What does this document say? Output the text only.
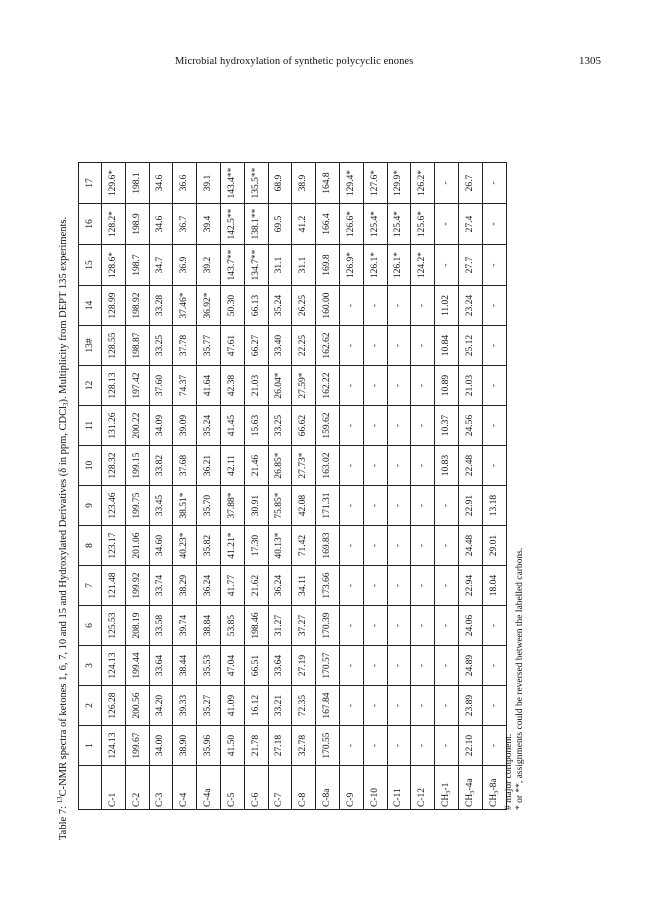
Microbial hydroxylation of synthetic polycyclic enones	1305
Table 7: $^{13}$C-NMR spectra of ketones 1, 6, 7, 10 and 15 and Hydroxylated Derivatives (δ in ppm, CDCl$_3$). Multiplicity from DEPT 135 experiments.
	1	2	3	6	7	8	9	10	11	12	13#	14	15	16	17
C-1	124.13	126.28	124.13	125.53	121.48	123.17	123.46	128.32	131.26	128.13	128.55	128.99	128.6*	128.2*	129.6*
C-2	199.67	200.56	199.44	208.19	199.92	201.06	199.75	199.15	200.22	197.42	198.87	198.92	198.7	198.9	198.1
C-3	34.00	34.20	33.64	33.58	33.74	34.60	33.45	33.82	34.09	37.60	33.25	33.28	34.7	34.6	34.6
C-4	38.90	39.33	38.44	39.74	38.29	40.23*	38.51*	37.68	39.09	74.37	37.78	37.46*	36.9	36.7	36.6
C-4a	35.96	35.27	35.53	38.84	36.24	35.82	35.70	36.21	35.24	41.64	35.77	36.92*	39.2	39.4	39.1
C-5	41.50	41.09	47.04	53.85	41.77	41.21*	37.88*	42.11	41.45	42.38	47.61	50.30	143.7**	142.5**	143.4**
C-6	21.78	16.12	66.51	198.46	21.62	17.30	30.91	21.46	15.63	21.03	66.27	66.13	134.7**	138.1**	135.5**
C-7	27.18	33.21	33.64	31.27	36.24	40.13*	75.85*	26.85*	33.25	26.04*	33.40	35.24	31.1	69.5	68.9
C-8	32.78	72.35	27.19	37.27	34.11	71.42	42.08	27.73*	66.62	27.59*	22.25	26.25	31.1	41.2	38.9
C-8a	170.55	167.84	170.57	170.39	173.66	169.83	171.31	163.02	159.62	162.22	162.62	160.00	169.8	166.4	164.8
C-9	-	-	-	-	-	-	-	-	-	-	-	-	126.9*	126.6*	129.4*
C-10	-	-	-	-	-	-	-	-	-	-	-	-	126.1*	125.4*	127.6*
C-11	-	-	-	-	-	-	-	-	-	-	-	-	126.1*	125.4*	129.9*
C-12	-	-	-	-	-	-	-	-	-	-	-	-	124.2*	125.6*	126.2*
$CH_3-1$	-	-	-	-	-	-	-	10.83	10.37	10.89	10.84	11.02	-	-	-
$CH_3-4a$	22.10	23.89	24.89	24.06	22.94	24.48	22.91	22.48	24.56	21.03	25.12	23.24	27.7	27.4	26.7
$CH_3-8a$	-	-	-	-	18.04	29.01	13.18	-	-	-	-	-	-	-	-
# major component. * or **, assignments could be reversed between the labelled carbons.
